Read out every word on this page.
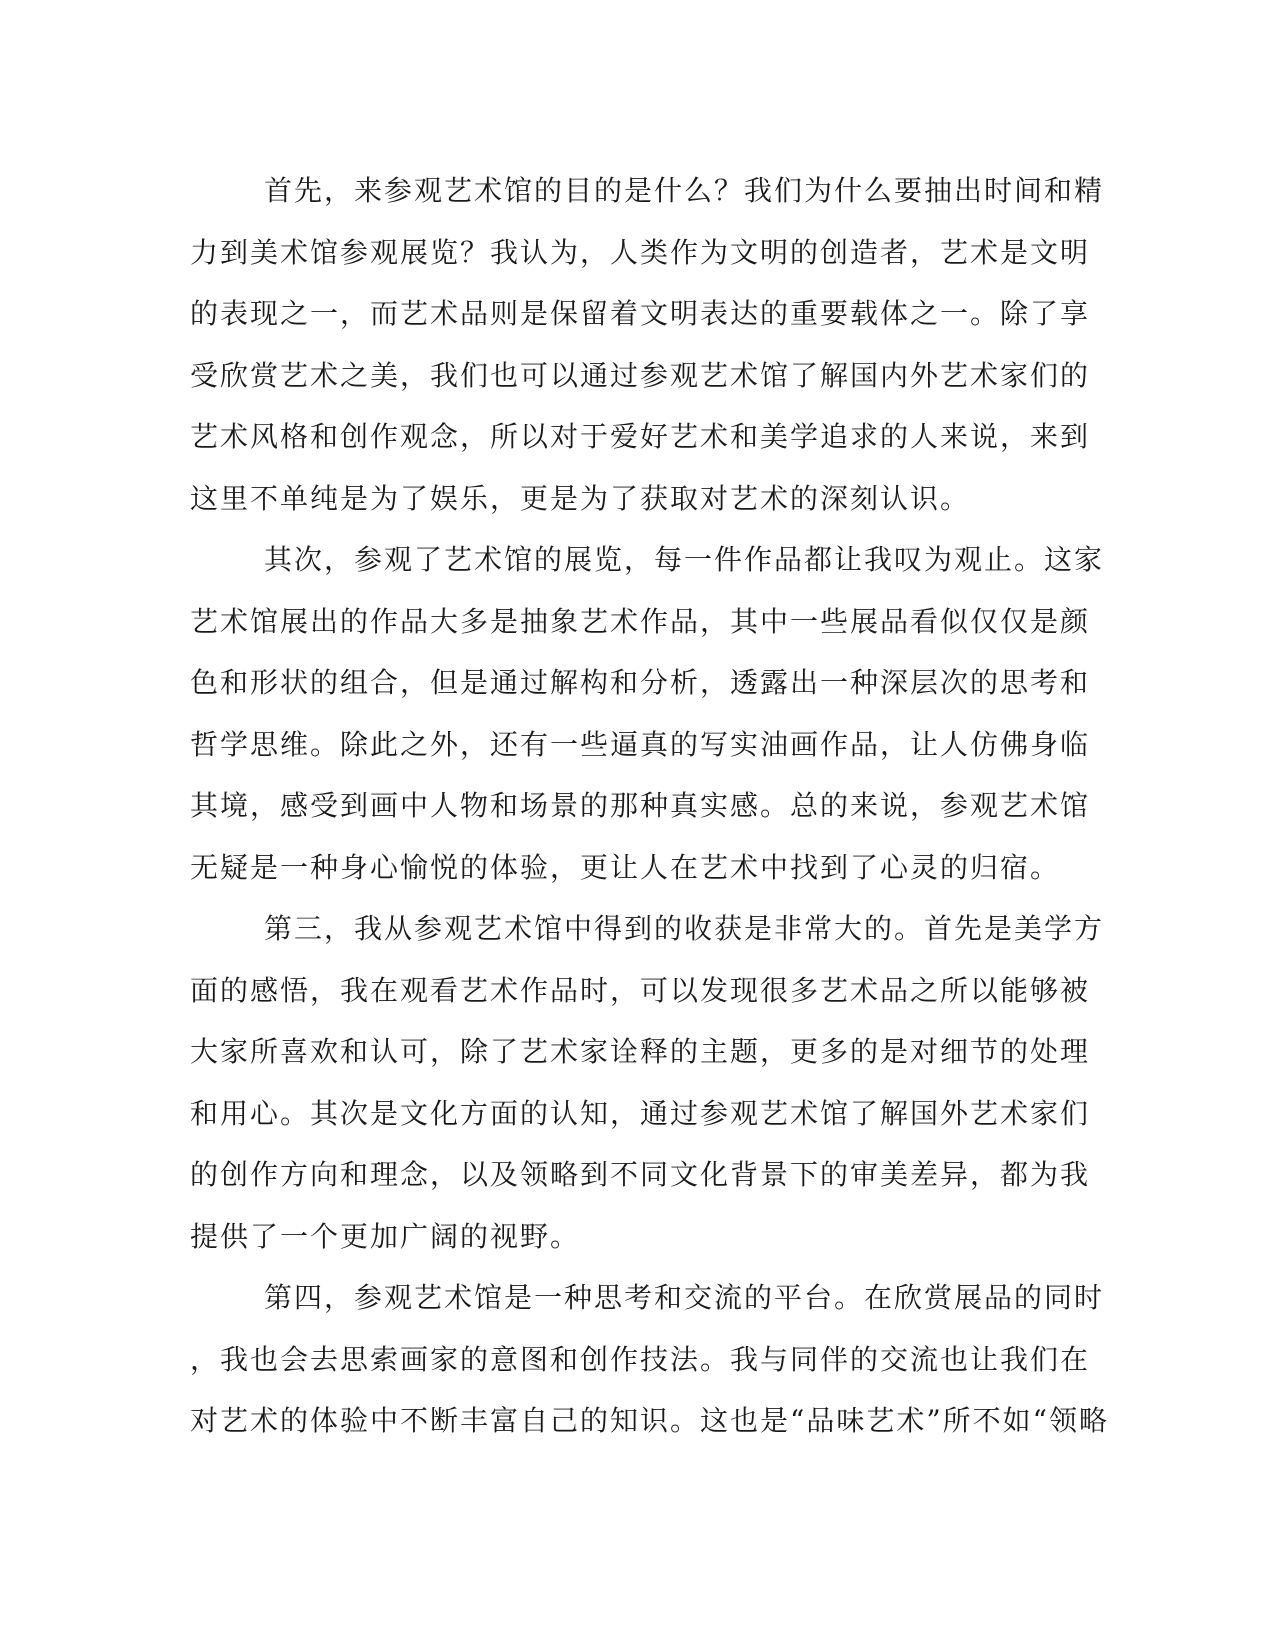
首先，来参观艺术馆的目的是什么？我们为什么要抽出时间和精
力到美术馆参观展览？我认为，人类作为文明的创造者，艺术是文明
的表现之一，而艺术品则是保留着文明表达的重要载体之一。除了享
受欣赏艺术之美，我们也可以通过参观艺术馆了解国内外艺术家们的
艺术风格和创作观念，所以对于爱好艺术和美学追求的人来说，来到
这里不单纯是为了娱乐，更是为了获取对艺术的深刻认识。
其次，参观了艺术馆的展览，每一件作品都让我叹为观止。这家
艺术馆展出的作品大多是抽象艺术作品，其中一些展品看似仅仅是颜
色和形状的组合，但是通过解构和分析，透露出一种深层次的思考和
哲学思维。除此之外，还有一些逼真的写实油画作品，让人仿佛身临
其境，感受到画中人物和场景的那种真实感。总的来说，参观艺术馆
无疑是一种身心愉悦的体验，更让人在艺术中找到了心灵的归宿。
第三，我从参观艺术馆中得到的收获是非常大的。首先是美学方
面的感悟，我在观看艺术作品时，可以发现很多艺术品之所以能够被
大家所喜欢和认可，除了艺术家诠释的主题，更多的是对细节的处理
和用心。其次是文化方面的认知，通过参观艺术馆了解国外艺术家们
的创作方向和理念，以及领略到不同文化背景下的审美差异，都为我
提供了一个更加广阔的视野。
第四，参观艺术馆是一种思考和交流的平台。在欣赏展品的同时
，我也会去思索画家的意图和创作技法。我与同伴的交流也让我们在
对艺术的体验中不断丰富自己的知识。这也是“品味艺术”所不如“领略
